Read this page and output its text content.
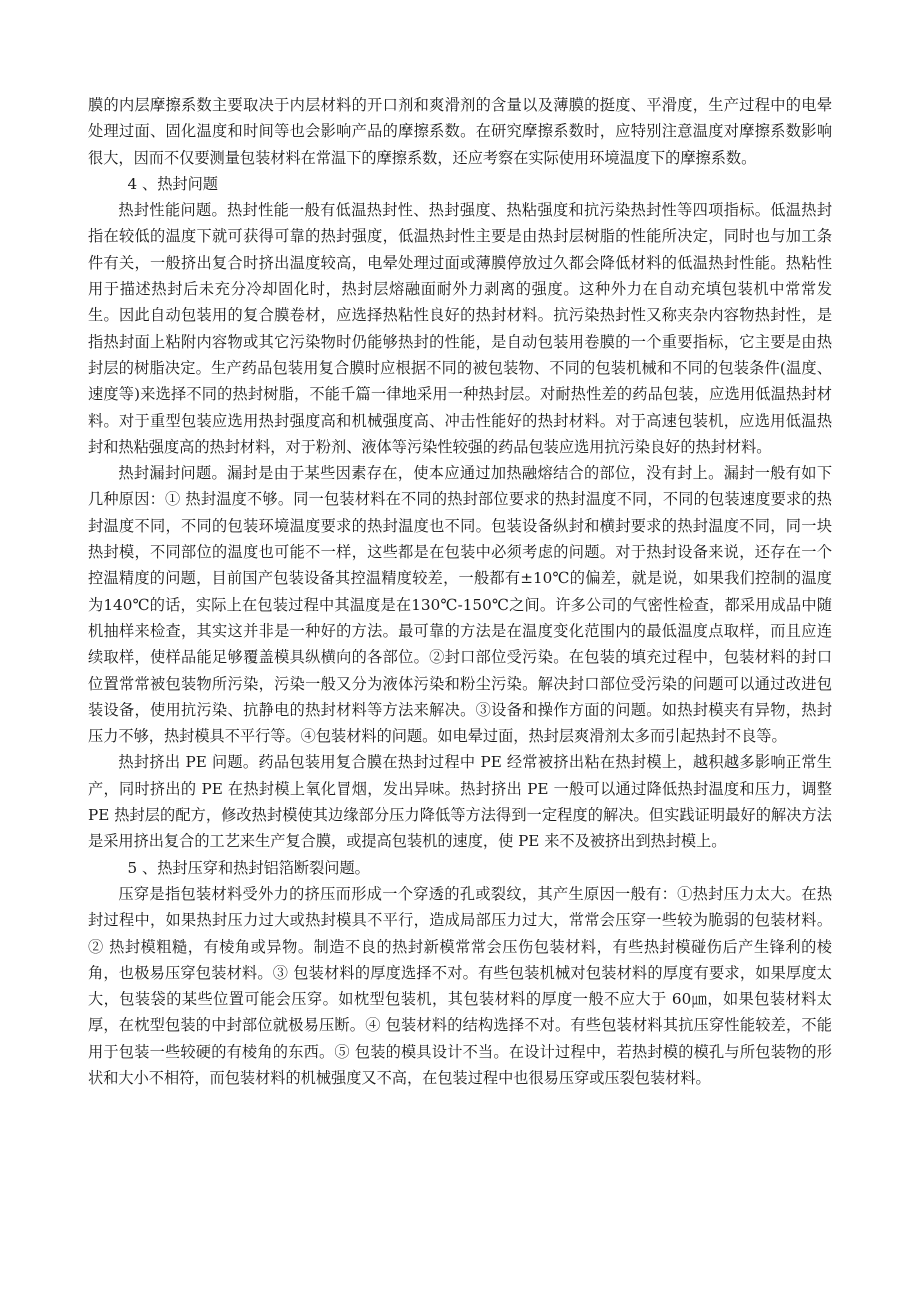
膜的内层摩擦系数主要取决于内层材料的开口剂和爽滑剂的含量以及薄膜的挺度、平滑度，生产过程中的电晕处理过面、固化温度和时间等也会影响产品的摩擦系数。在研究摩擦系数时，应特别注意温度对摩擦系数影响很大，因而不仅要测量包装材料在常温下的摩擦系数，还应考察在实际使用环境温度下的摩擦系数。

4 、热封问题

热封性能问题。热封性能一般有低温热封性、热封强度、热粘强度和抗污染热封性等四项指标。低温热封指在较低的温度下就可获得可靠的热封强度，低温热封性主要是由热封层树脂的性能所决定，同时也与加工条件有关，一般挤出复合时挤出温度较高，电晕处理过面或薄膜停放过久都会降低材料的低温热封性能。热粘性用于描述热封后未充分冷却固化时，热封层熔融面耐外力剥离的强度。这种外力在自动充填包装机中常常发生。因此自动包装用的复合膜卷材，应选择热粘性良好的热封材料。抗污染热封性又称夹杂内容物热封性，是指热封面上粘附内容物或其它污染物时仍能够热封的性能，是自动包装用卷膜的一个重要指标，它主要是由热封层的树脂决定。生产药品包装用复合膜时应根据不同的被包装物、不同的包装机械和不同的包装条件(温度、速度等)来选择不同的热封树脂，不能千篇一律地采用一种热封层。对耐热性差的药品包装，应选用低温热封材料。对于重型包装应选用热封强度高和机械强度高、冲击性能好的热封材料。对于高速包装机，应选用低温热封和热粘强度高的热封材料，对于粉剂、液体等污染性较强的药品包装应选用抗污染良好的热封材料。

热封漏封问题。漏封是由于某些因素存在，使本应通过加热融熔结合的部位，没有封上。漏封一般有如下几种原因：① 热封温度不够。同一包装材料在不同的热封部位要求的热封温度不同，不同的包装速度要求的热封温度不同，不同的包装环境温度要求的热封温度也不同。包装设备纵封和横封要求的热封温度不同，同一块热封模，不同部位的温度也可能不一样，这些都是在包装中必须考虑的问题。对于热封设备来说，还存在一个控温精度的问题，目前国产包装设备其控温精度较差，一般都有±10℃的偏差，就是说，如果我们控制的温度为140℃的话，实际上在包装过程中其温度是在130℃-150℃之间。许多公司的气密性检查，都采用成品中随机抽样来检查，其实这并非是一种好的方法。最可靠的方法是在温度变化范围内的最低温度点取样，而且应连续取样，使样品能足够覆盖模具纵横向的各部位。②封口部位受污染。在包装的填充过程中，包装材料的封口位置常常被包装物所污染，污染一般又分为液体污染和粉尘污染。解决封口部位受污染的问题可以通过改进包装设备，使用抗污染、抗静电的热封材料等方法来解决。③设备和操作方面的问题。如热封模夹有异物，热封压力不够，热封模具不平行等。④包装材料的问题。如电晕过面，热封层爽滑剂太多而引起热封不良等。

热封挤出 PE 问题。药品包装用复合膜在热封过程中 PE 经常被挤出粘在热封模上，越积越多影响正常生产，同时挤出的 PE 在热封模上氧化冒烟，发出异味。热封挤出 PE 一般可以通过降低热封温度和压力，调整 PE 热封层的配方，修改热封模使其边缘部分压力降低等方法得到一定程度的解决。但实践证明最好的解决方法是采用挤出复合的工艺来生产复合膜，或提高包装机的速度，使 PE 来不及被挤出到热封模上。

5 、热封压穿和热封铝箔断裂问题。

压穿是指包装材料受外力的挤压而形成一个穿透的孔或裂纹，其产生原因一般有：①热封压力太大。在热封过程中，如果热封压力过大或热封模具不平行，造成局部压力过大，常常会压穿一些较为脆弱的包装材料。② 热封模粗糙，有棱角或异物。制造不良的热封新模常常会压伤包装材料，有些热封模碰伤后产生锋利的棱角，也极易压穿包装材料。③ 包装材料的厚度选择不对。有些包装机械对包装材料的厚度有要求，如果厚度太大，包装袋的某些位置可能会压穿。如枕型包装机，其包装材料的厚度一般不应大于 60㎛，如果包装材料太厚，在枕型包装的中封部位就极易压断。④ 包装材料的结构选择不对。有些包装材料其抗压穿性能较差，不能用于包装一些较硬的有棱角的东西。⑤ 包装的模具设计不当。在设计过程中，若热封模的模孔与所包装物的形状和大小不相符，而包装材料的机械强度又不高，在包装过程中也很易压穿或压裂包装材料。
